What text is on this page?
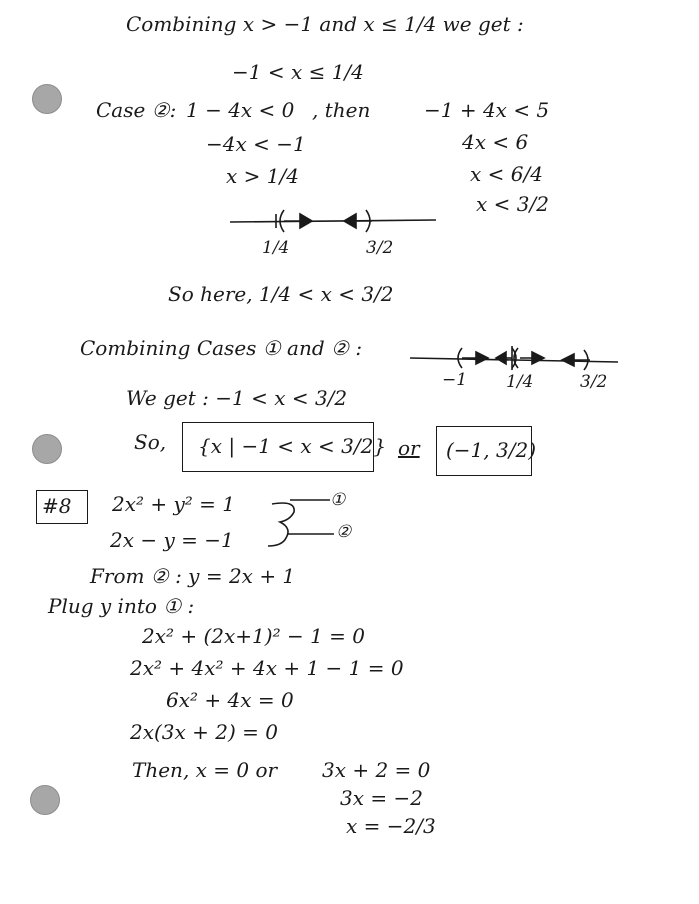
Combining x > −1 and x ≤ 1/4 we get :
−1 < x ≤ 1/4
Case ②: 1 − 4x < 0 , then	−1 + 4x < 5
−4x < −1	4x < 6
x > 1/4	x < 6/4
x < 3/2
1/4	3/2
So here, 1/4 < x < 3/2
Combining Cases ① and ② :
−1 1/4	3/2
We get : −1 < x < 3/2
So, {x | −1 < x < 3/2} or (−1, 3/2)
#8 2x² + y² = 1
2x − y = −1
①
②
From ② : y = 2x + 1
Plug y into ① :
2x² + (2x+1)² − 1 = 0
2x² + 4x² + 4x + 1 − 1 = 0
6x² + 4x = 0
2x(3x + 2) = 0
Then, x = 0 or 3x + 2 = 0
3x = −2
x = −2/3
